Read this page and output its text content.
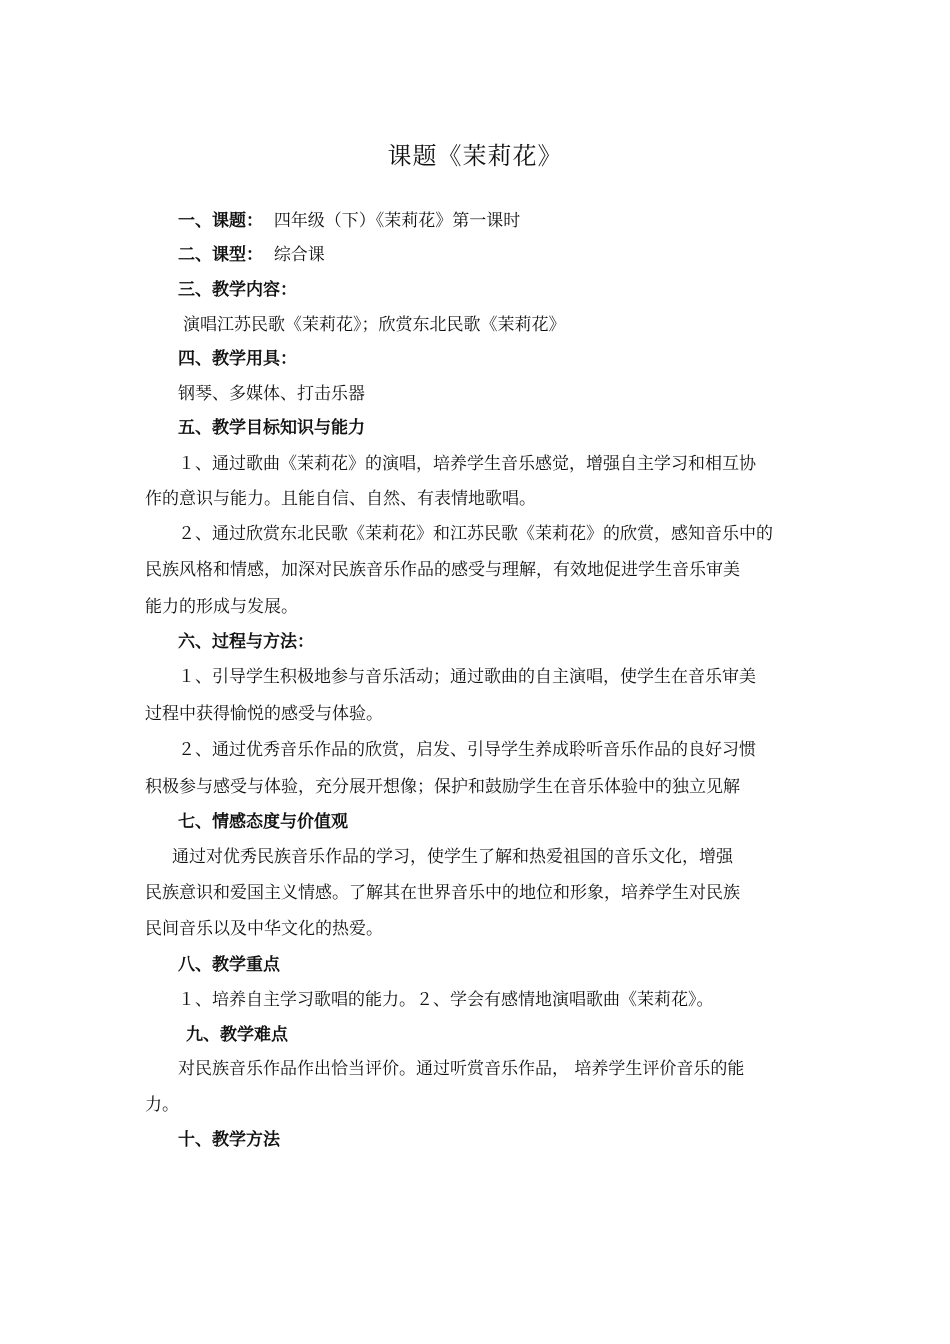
课题《茉莉花》
一、课题： 四年级（下）《茉莉花》第一课时
二、课型： 综合课
三、教学内容：
演唱江苏民歌《茉莉花》；欣赏东北民歌《茉莉花》
四、教学用具：
钢琴、多媒体、打击乐器
五、教学目标知识与能力
１、通过歌曲《茉莉花》的演唱，培养学生音乐感觉，增强自主学习和相互协
作的意识与能力。且能自信、自然、有表情地歌唱。
２、通过欣赏东北民歌《茉莉花》和江苏民歌《茉莉花》的欣赏，感知音乐中的
民族风格和情感，加深对民族音乐作品的感受与理解，有效地促进学生音乐审美
能力的形成与发展。
六、过程与方法：
１、引导学生积极地参与音乐活动；通过歌曲的自主演唱，使学生在音乐审美
过程中获得愉悦的感受与体验。
２、通过优秀音乐作品的欣赏，启发、引导学生养成聆听音乐作品的良好习惯
积极参与感受与体验，充分展开想像；保护和鼓励学生在音乐体验中的独立见解
七、情感态度与价值观
通过对优秀民族音乐作品的学习，使学生了解和热爱祖国的音乐文化，增强
民族意识和爱国主义情感。了解其在世界音乐中的地位和形象，培养学生对民族
民间音乐以及中华文化的热爱。
八、教学重点
１、培养自主学习歌唱的能力。２、学会有感情地演唱歌曲《茉莉花》。
九、教学难点
对民族音乐作品作出恰当评价。通过听赏音乐作品， 培养学生评价音乐的能
力。
十、教学方法
